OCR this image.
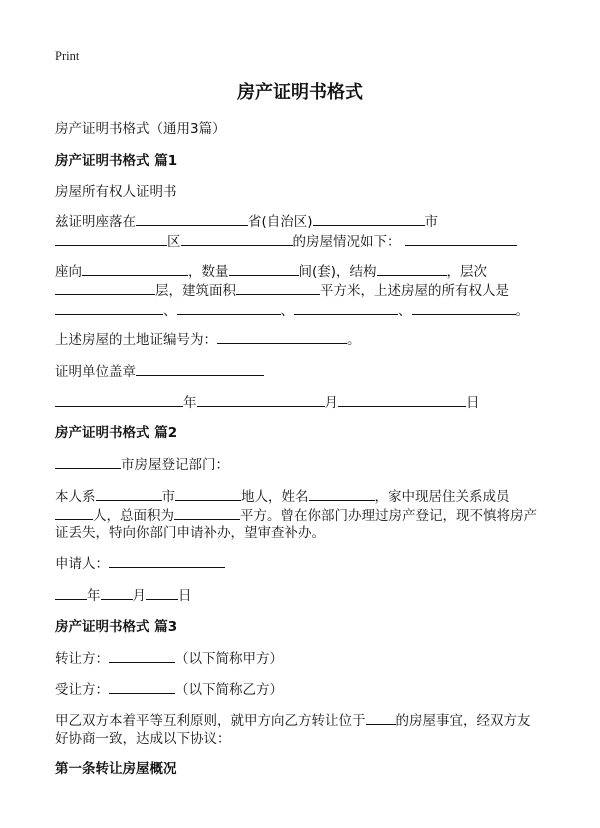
Print
房产证明书格式
房产证明书格式（通用3篇）
房产证明书格式 篇1
房屋所有权人证明书
兹证明座落在	省(自治区)	市
区	的房屋情况如下：
座向	，数量	间(套)，结构	，层次
层，建筑面积	平方米，上述房屋的所有权人是
、	、	、	。
上述房屋的土地证编号为：	。
证明单位盖章
年	月	日
房产证明书格式 篇2
市房屋登记部门：
本人系	市	地人，姓名	，家中现居住关系成员
人，总面积为	平方。曾在你部门办理过房产登记，现不慎将房产
证丢失，特向你部门申请补办，望审查补办。
申请人：
年 月 日
房产证明书格式 篇3
转让方：	（以下简称甲方）
受让方：	（以下简称乙方）
甲乙双方本着平等互利原则，就甲方向乙方转让位于 的房屋事宜，经双方友
好协商一致，达成以下协议：
第一条转让房屋概况
